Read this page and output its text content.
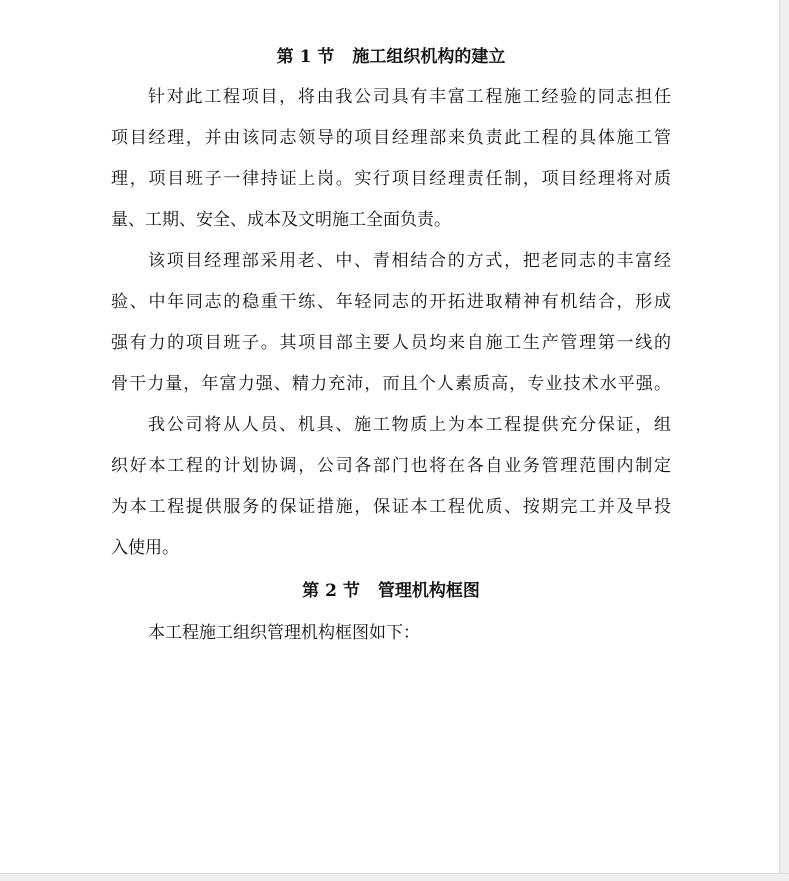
第 1 节 施工组织机构的建立
针对此工程项目，将由我公司具有丰富工程施工经验的同志担任
项目经理，并由该同志领导的项目经理部来负责此工程的具体施工管
理，项目班子一律持证上岗。实行项目经理责任制，项目经理将对质
量、工期、安全、成本及文明施工全面负责。
该项目经理部采用老、中、青相结合的方式，把老同志的丰富经
验、中年同志的稳重干练、年轻同志的开拓进取精神有机结合，形成
强有力的项目班子。其项目部主要人员均来自施工生产管理第一线的
骨干力量，年富力强、精力充沛，而且个人素质高，专业技术水平强。
我公司将从人员、机具、施工物质上为本工程提供充分保证，组
织好本工程的计划协调，公司各部门也将在各自业务管理范围内制定
为本工程提供服务的保证措施，保证本工程优质、按期完工并及早投
入使用。
第 2 节 管理机构框图
本工程施工组织管理机构框图如下：
